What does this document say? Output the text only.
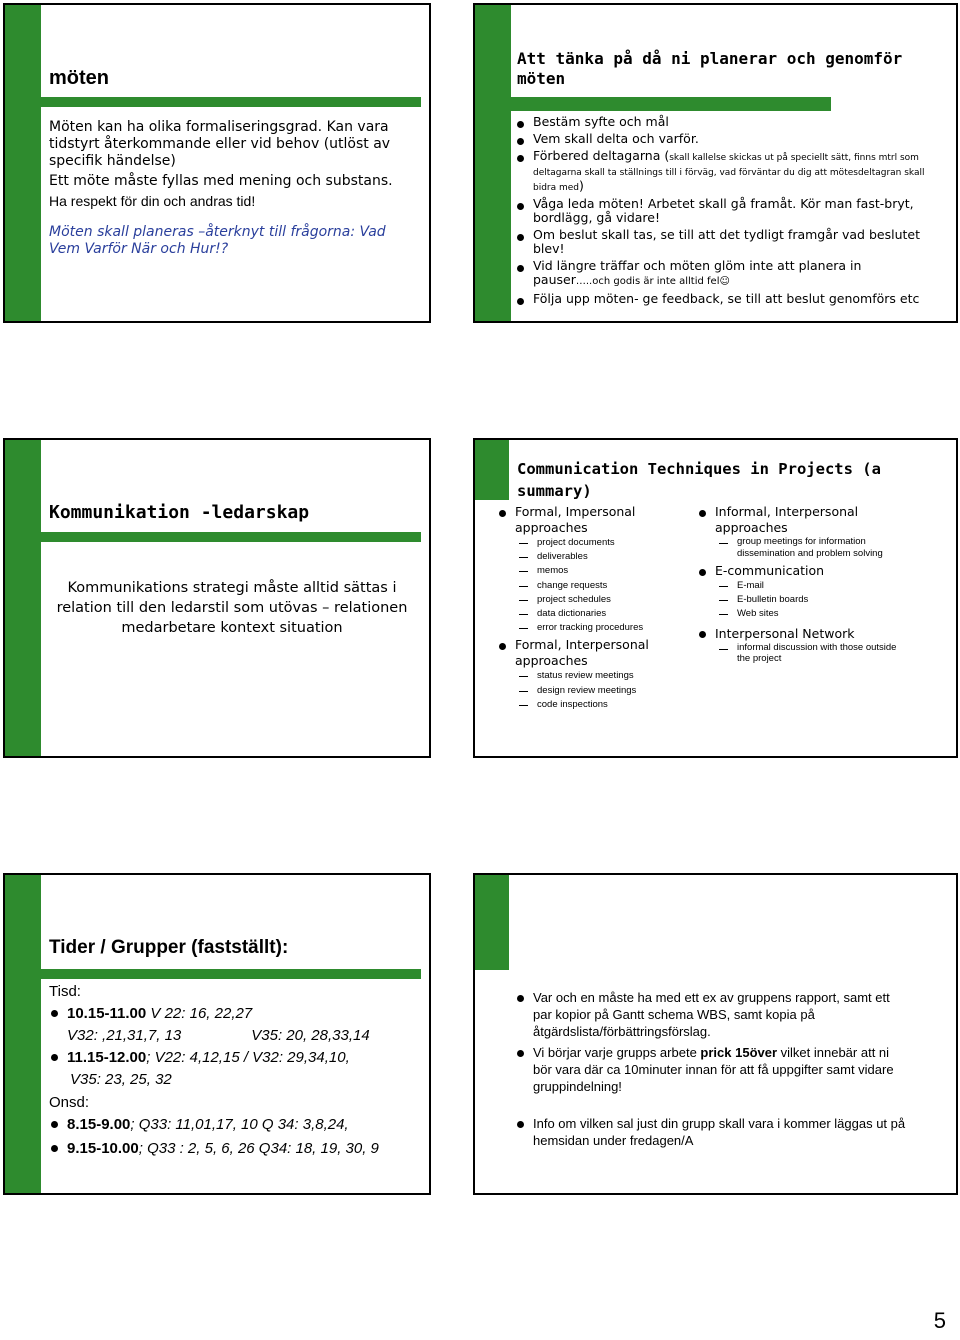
möten
Möten kan ha olika formaliseringsgrad. Kan vara tidstyrt återkommande eller vid behov (utlöst av specifik händelse)
Ett möte måste fyllas med mening och substans.
Ha respekt för din och andras tid!
Möten skall planeras –återknyt till frågorna: Vad Vem Varför När och Hur!?
Att tänka på då ni planerar och genomför möten
Bestäm syfte och mål
Vem skall delta och varför.
Förbered deltagarna (skall kallelse skickas ut på speciellt sätt, finns mtrl som deltagarna skall ta ställnings till i förväg, vad förväntar du dig att mötesdeltagran skall bidra med)
Våga leda möten! Arbetet skall gå framåt. Kör man fast-bryt, bordlägg, gå vidare!
Om beslut skall tas, se till att det tydligt framgår vad beslutet blev!
Vid längre träffar och möten glöm inte att planera in pauser…..och godis är inte alltid fel☺
Följa upp möten- ge feedback, se till att beslut genomförs etc
Kommunikation -ledarskap
Kommunikations strategi måste alltid sättas i relation till den ledarstil som utövas – relationen medarbetare kontext situation
Communication Techniques in Projects (a summary)
Formal, Impersonal approaches
project documents
deliverables
memos
change requests
project schedules
data dictionaries
error tracking procedures
Formal, Interpersonal approaches
status review meetings
design review meetings
code inspections
Informal, Interpersonal approaches
group meetings for information dissemination and problem solving
E-communication
E-mail
E-bulletin boards
Web sites
Interpersonal Network
informal discussion with those outside the project
Tider / Grupper (fastställt):
Tisd:
10.15-11.00 V 22: 16, 22,27
V32: ,21,31,7, 13	V35: 20, 28,33,14
11.15-12.00; V22: 4,12,15 / V32: 29,34,10,
V35: 23, 25, 32
Onsd:
8.15-9.00; Q33: 11,01,17, 10 Q 34: 3,8,24,
9.15-10.00; Q33 : 2, 5, 6, 26 Q34: 18, 19, 30, 9
Var och en måste ha med ett ex av gruppens rapport, samt ett par kopior på Gantt schema WBS, samt kopia på åtgärdslista/förbättringsförslag.
Vi börjar varje grupps arbete prick 15över vilket innebär att ni bör vara där ca 10minuter innan för att få uppgifter samt vidare gruppindelning!
Info om vilken sal just din grupp skall vara i kommer läggas ut på hemsidan under fredagen/A
5
